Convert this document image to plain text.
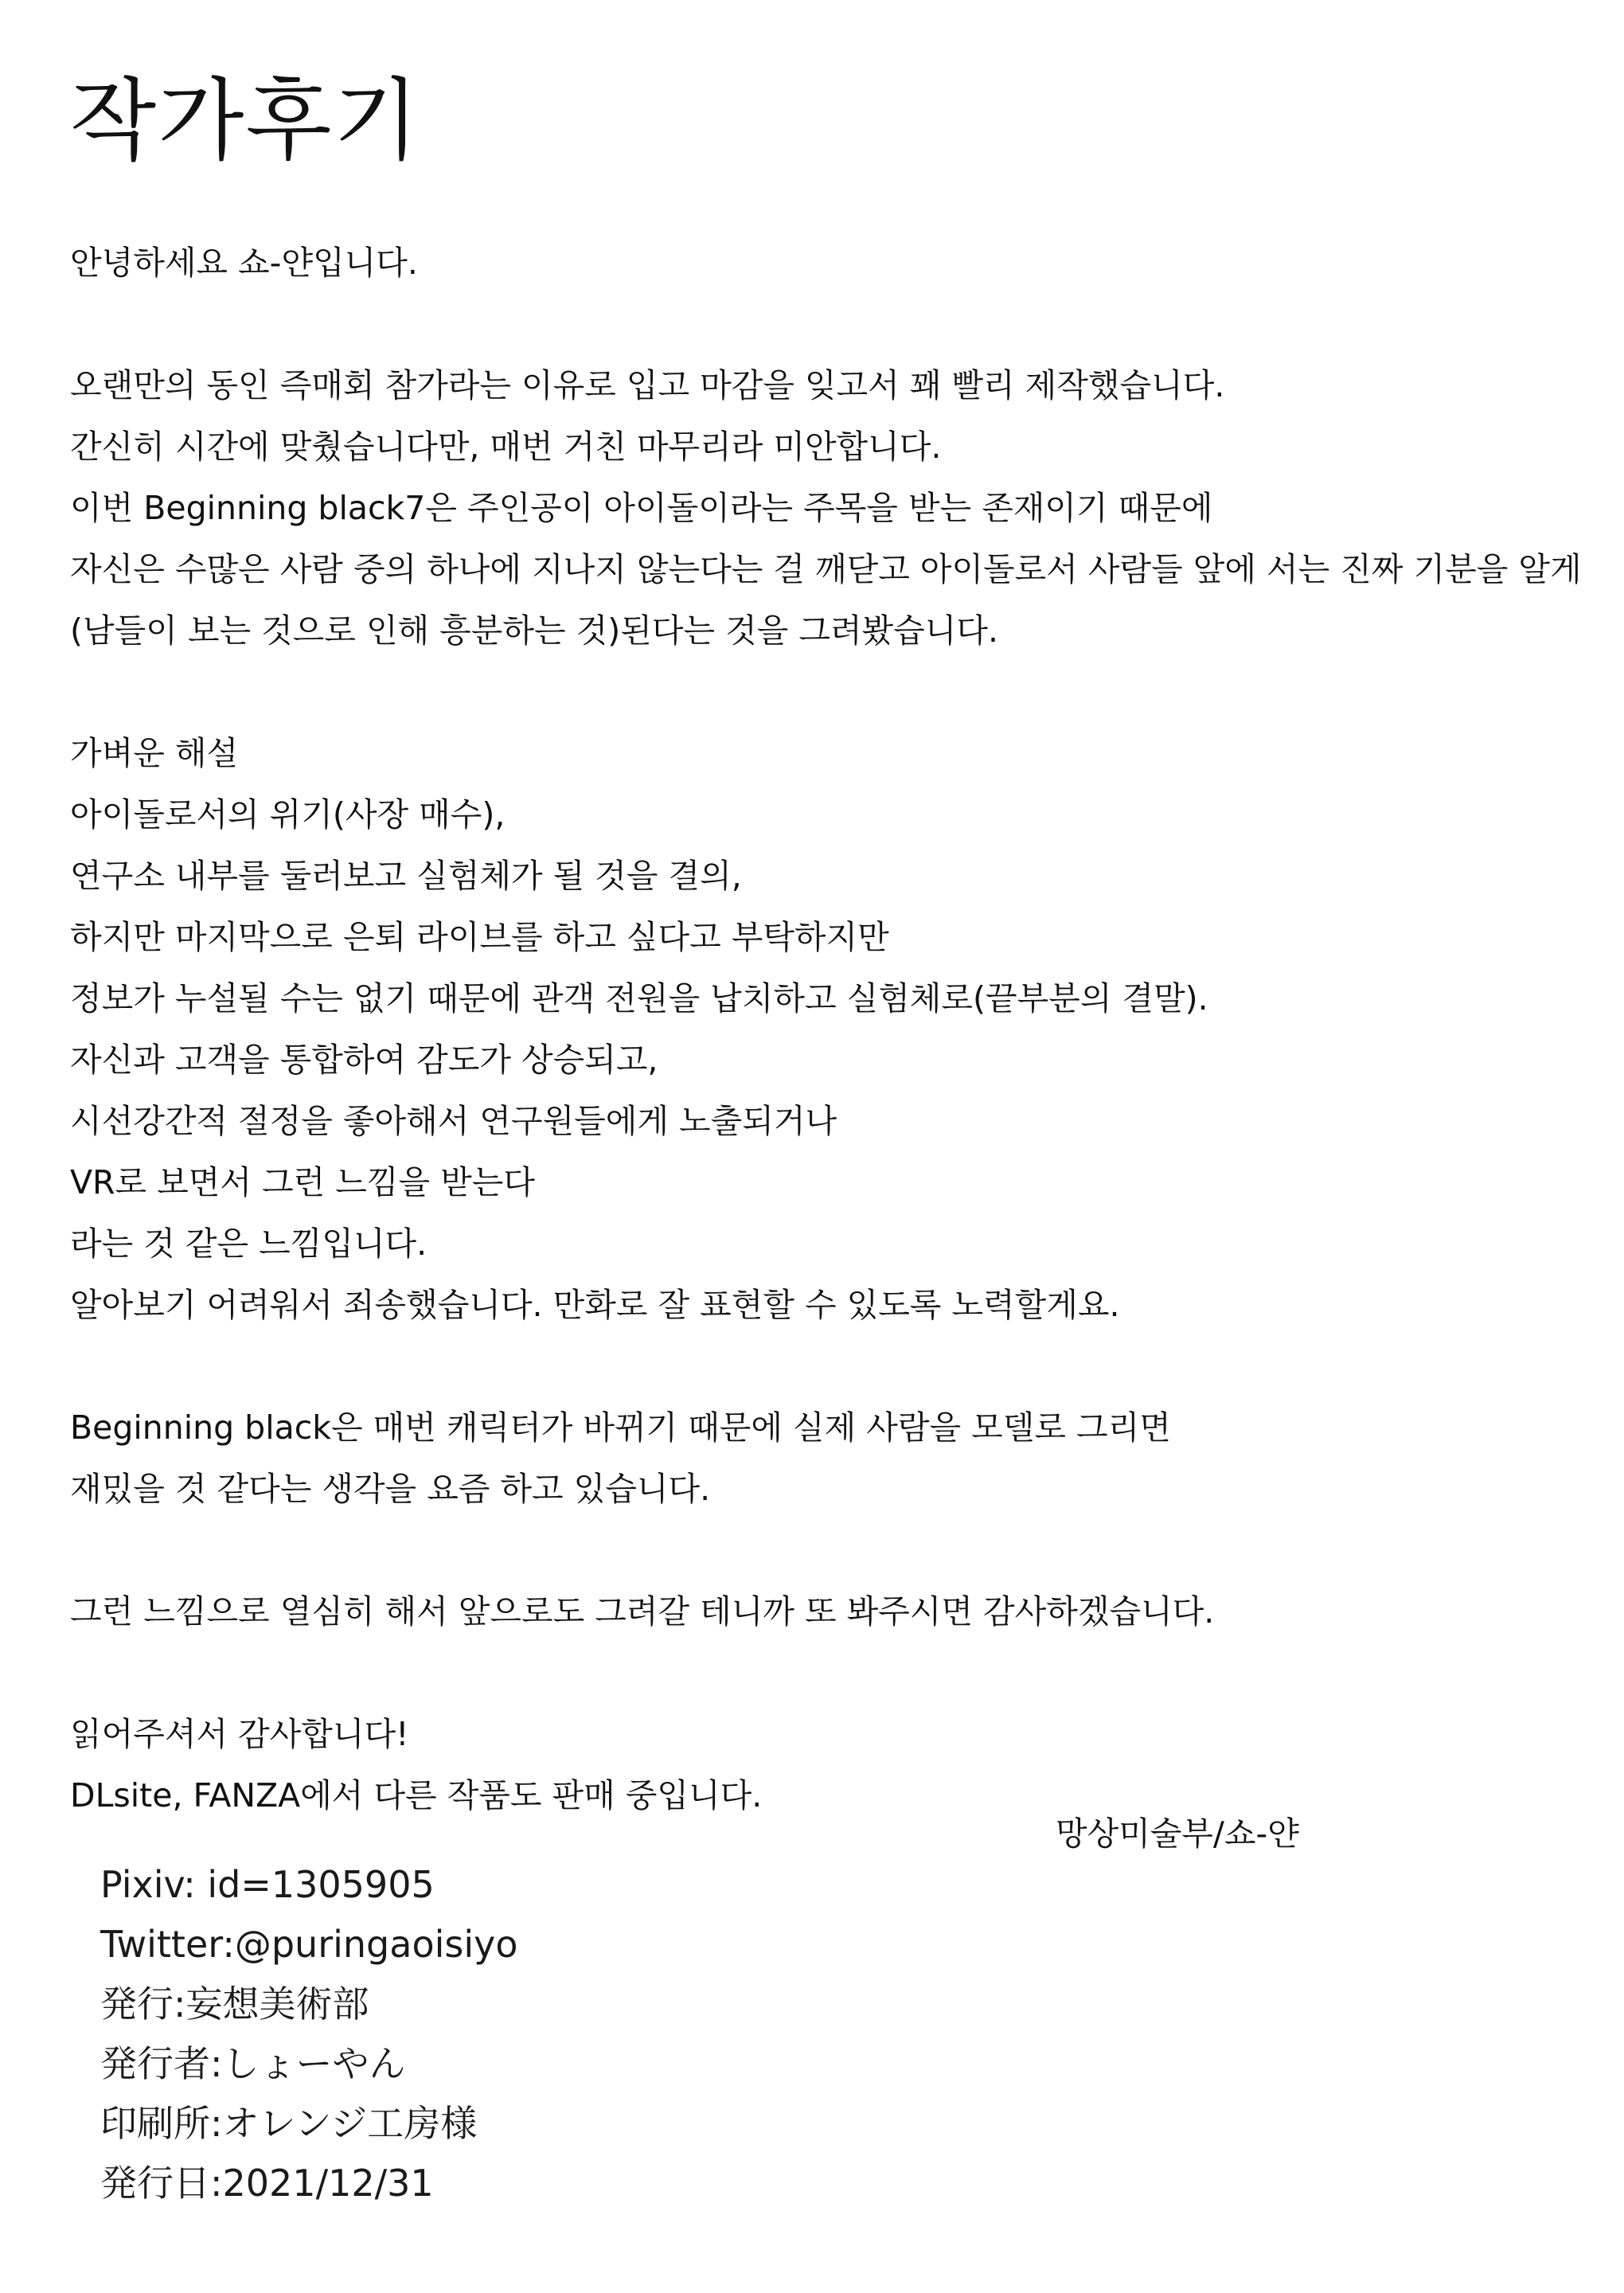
작가후기
안녕하세요 쇼-얀입니다.
오랜만의 동인 즉매회 참가라는 이유로 입고 마감을 잊고서 꽤 빨리 제작했습니다.
간신히 시간에 맞췄습니다만, 매번 거친 마무리라 미안합니다.
이번 Beginning black7은 주인공이 아이돌이라는 주목을 받는 존재이기 때문에
자신은 수많은 사람 중의 하나에 지나지 않는다는 걸 깨닫고 아이돌로서 사람들 앞에 서는 진짜 기분을 알게
(남들이 보는 것으로 인해 흥분하는 것)된다는 것을 그려봤습니다.
가벼운 해설
아이돌로서의 위기(사장 매수),
연구소 내부를 둘러보고 실험체가 될 것을 결의,
하지만 마지막으로 은퇴 라이브를 하고 싶다고 부탁하지만
정보가 누설될 수는 없기 때문에 관객 전원을 납치하고 실험체로(끝부분의 결말).
자신과 고객을 통합하여 감도가 상승되고,
시선강간적 절정을 좋아해서 연구원들에게 노출되거나
VR로 보면서 그런 느낌을 받는다
라는 것 같은 느낌입니다.
알아보기 어려워서 죄송했습니다. 만화로 잘 표현할 수 있도록 노력할게요.
Beginning black은 매번 캐릭터가 바뀌기 때문에 실제 사람을 모델로 그리면
재밌을 것 같다는 생각을 요즘 하고 있습니다.
그런 느낌으로 열심히 해서 앞으로도 그려갈 테니까 또 봐주시면 감사하겠습니다.
읽어주셔서 감사합니다!
DLsite, FANZA에서 다른 작품도 판매 중입니다.
망상미술부/쇼-얀
Pixiv: id=1305905
Twitter:@puringaoisiyo
発行:妄想美術部
発行者:しょーやん
印刷所:オレンジ工房様
発行日:2021/12/31
